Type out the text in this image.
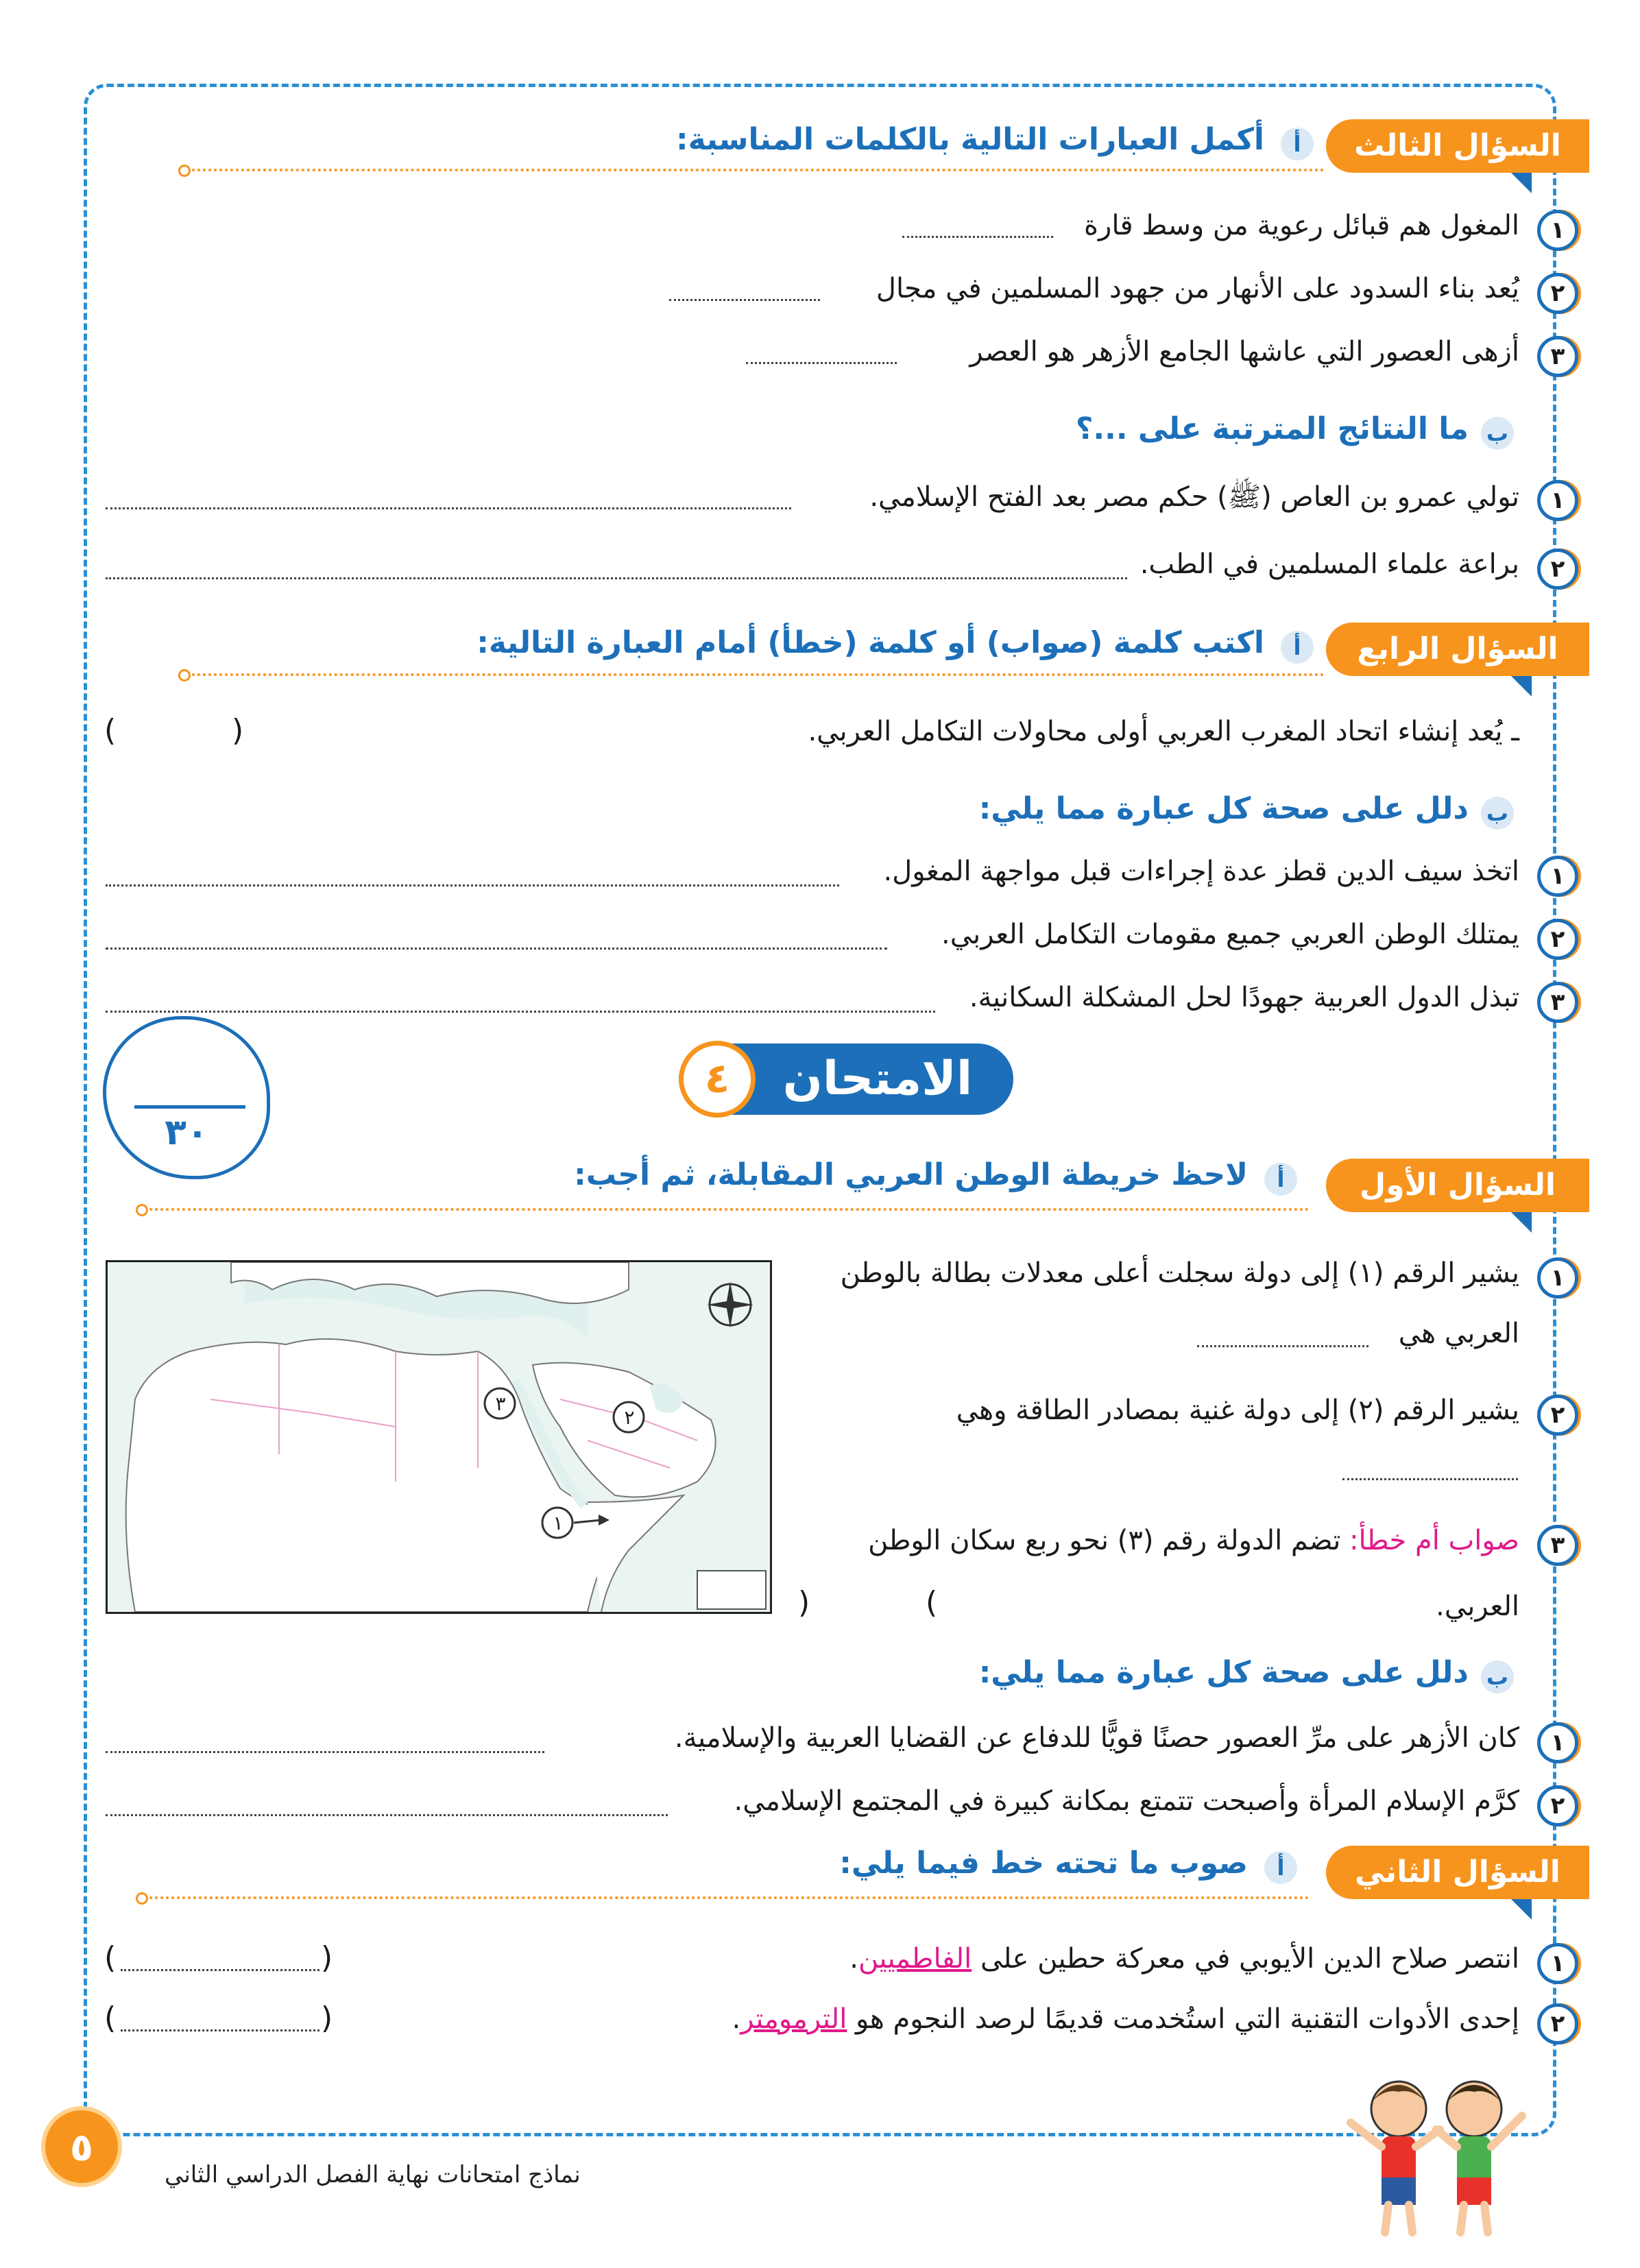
السؤال الثالث
أ
أكمل العبارات التالية بالكلمات المناسبة:
١
المغول هم قبائل رعوية من وسط قارة
٢
يُعد بناء السدود على الأنهار من جهود المسلمين في مجال
٣
أزهى العصور التي عاشها الجامع الأزهر هو العصر
ب
ما النتائج المترتبة على ...؟
١
تولي عمرو بن العاص (ﷺ) حكم مصر بعد الفتح الإسلامي.
٢
براعة علماء المسلمين في الطب.
السؤال الرابع
أ
اكتب كلمة (صواب) أو كلمة (خطأ) أمام العبارة التالية:
ـ يُعد إنشاء اتحاد المغرب العربي أولى محاولات التكامل العربي.
(	)
ب
دلل على صحة كل عبارة مما يلي:
١
اتخذ سيف الدين قطز عدة إجراءات قبل مواجهة المغول.
٢
يمتلك الوطن العربي جميع مقومات التكامل العربي.
٣
تبذل الدول العربية جهودًا لحل المشكلة السكانية.
٣٠
الامتحان
٤
السؤال الأول
أ
لاحظ خريطة الوطن العربي المقابلة، ثم أجب:
٣
٢
١
١
يشير الرقم (١) إلى دولة سجلت أعلى معدلات بطالة بالوطن
العربي هي
٢
يشير الرقم (٢) إلى دولة غنية بمصادر الطاقة وهي
٣
صواب أم خطأ: تضم الدولة رقم (٣) نحو ربع سكان الوطن
العربي.
)	(
ب
دلل على صحة كل عبارة مما يلي:
١
كان الأزهر على مرِّ العصور حصنًا قويًّا للدفاع عن القضايا العربية والإسلامية.
٢
كرَّم الإسلام المرأة وأصبحت تتمتع بمكانة كبيرة في المجتمع الإسلامي.
السؤال الثاني
أ
صوب ما تحته خط فيما يلي:
١
انتصر صلاح الدين الأيوبي في معركة حطين على الفاطميين.
(	)
٢
إحدى الأدوات التقنية التي استُخدمت قديمًا لرصد النجوم هو الترمومتر.
(	)
٥
نماذج امتحانات نهاية الفصل الدراسي الثاني
